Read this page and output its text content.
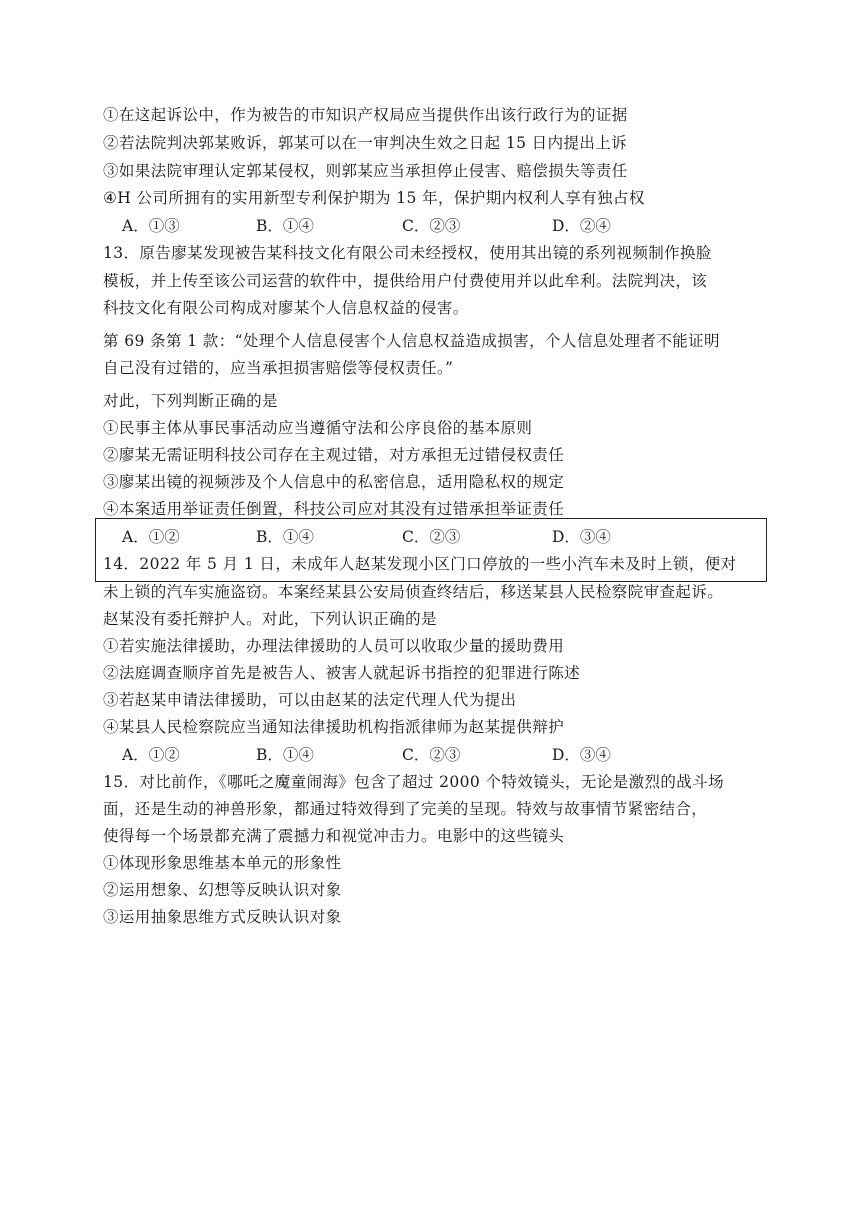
①在这起诉讼中，作为被告的市知识产权局应当提供作出该行政行为的证据
②若法院判决郭某败诉，郭某可以在一审判决生效之日起 15 日内提出上诉
③如果法院审理认定郭某侵权，则郭某应当承担停止侵害、赔偿损失等责任
④H 公司所拥有的实用新型专利保护期为 15 年，保护期内权利人享有独占权
A．①③	B．①④	C．②③	D．②④
13．原告廖某发现被告某科技文化有限公司未经授权，使用其出镜的系列视频制作换脸
模板，并上传至该公司运营的软件中，提供给用户付费使用并以此牟利。法院判决，该
科技文化有限公司构成对廖某个人信息权益的侵害。
第 69 条第 1 款：“处理个人信息侵害个人信息权益造成损害，个人信息处理者不能证明
自己没有过错的，应当承担损害赔偿等侵权责任。”
对此，下列判断正确的是
①民事主体从事民事活动应当遵循守法和公序良俗的基本原则
②廖某无需证明科技公司存在主观过错，对方承担无过错侵权责任
③廖某出镜的视频涉及个人信息中的私密信息，适用隐私权的规定
④本案适用举证责任倒置，科技公司应对其没有过错承担举证责任
A．①②	B．①④	C．②③	D．③④
14．2022 年 5 月 1 日，未成年人赵某发现小区门口停放的一些小汽车未及时上锁，便对
未上锁的汽车实施盗窃。本案经某县公安局侦查终结后，移送某县人民检察院审查起诉。
赵某没有委托辩护人。对此，下列认识正确的是
①若实施法律援助，办理法律援助的人员可以收取少量的援助费用
②法庭调查顺序首先是被告人、被害人就起诉书指控的犯罪进行陈述
③若赵某申请法律援助，可以由赵某的法定代理人代为提出
④某县人民检察院应当通知法律援助机构指派律师为赵某提供辩护
A．①②	B．①④	C．②③	D．③④
15．对比前作，《哪吒之魔童闹海》包含了超过 2000 个特效镜头，无论是激烈的战斗场
面，还是生动的神兽形象，都通过特效得到了完美的呈现。特效与故事情节紧密结合，
使得每一个场景都充满了震撼力和视觉冲击力。电影中的这些镜头
①体现形象思维基本单元的形象性
②运用想象、幻想等反映认识对象
③运用抽象思维方式反映认识对象
